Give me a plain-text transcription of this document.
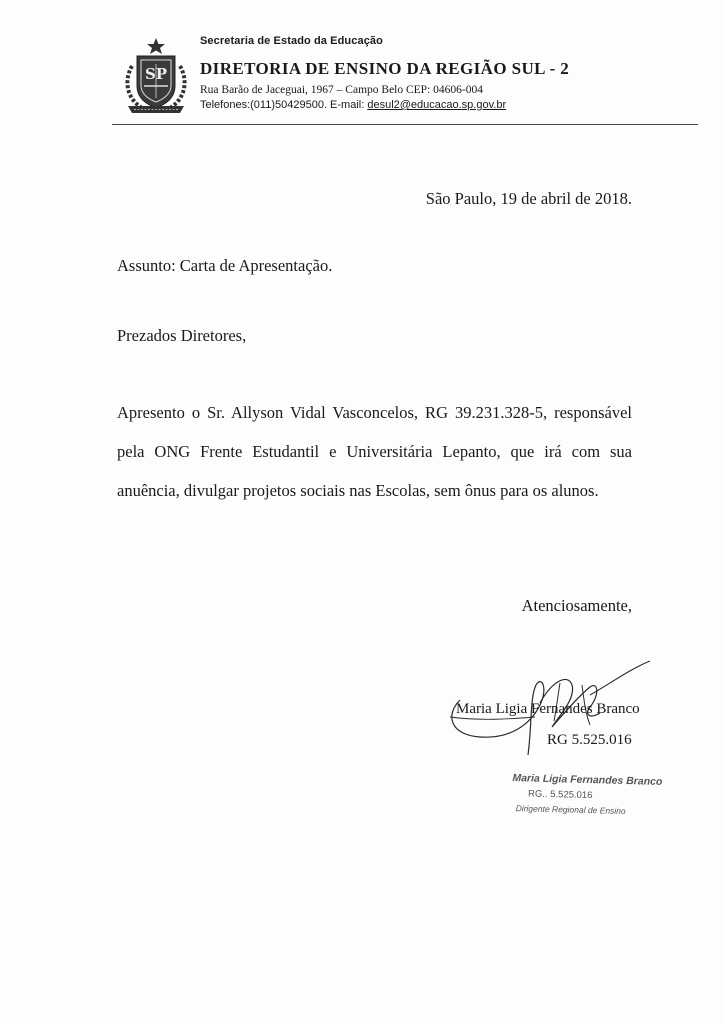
SP
Secretaria de Estado da Educação
DIRETORIA DE ENSINO DA REGIÃO SUL - 2
Rua Barão de Jaceguai, 1967 – Campo Belo CEP: 04606-004
Telefones:(011)50429500. E-mail: desul2@educacao.sp.gov.br
São Paulo, 19 de abril de 2018.
Assunto: Carta de Apresentação.
Prezados Diretores,
Apresento o Sr. Allyson Vidal Vasconcelos, RG 39.231.328-5, responsável pela ONG Frente Estudantil e Universitária Lepanto, que irá com sua anuência, divulgar projetos sociais nas Escolas, sem ônus para os alunos.
Atenciosamente,
Maria Ligia Fernandes Branco
RG 5.525.016
Maria Ligia Fernandes Branco
RG.. 5.525.016
Dirigente Regional de Ensino
